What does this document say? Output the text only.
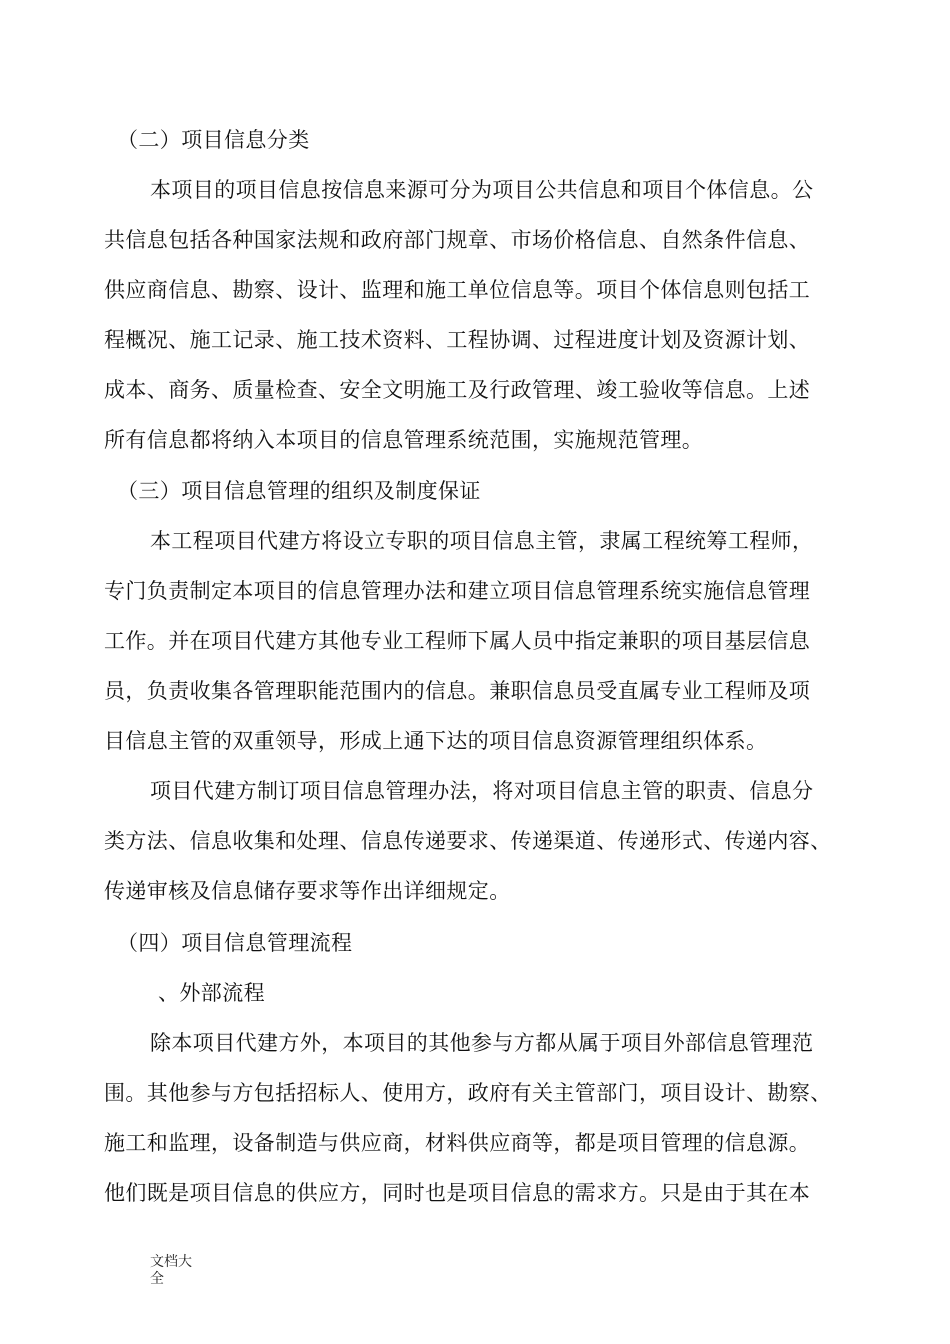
（二）项目信息分类
本项目的项目信息按信息来源可分为项目公共信息和项目个体信息。公
共信息包括各种国家法规和政府部门规章、市场价格信息、自然条件信息、
供应商信息、勘察、设计、监理和施工单位信息等。项目个体信息则包括工
程概况、施工记录、施工技术资料、工程协调、过程进度计划及资源计划、
成本、商务、质量检查、安全文明施工及行政管理、竣工验收等信息。上述
所有信息都将纳入本项目的信息管理系统范围，实施规范管理。
（三）项目信息管理的组织及制度保证
本工程项目代建方将设立专职的项目信息主管，隶属工程统筹工程师，
专门负责制定本项目的信息管理办法和建立项目信息管理系统实施信息管理
工作。并在项目代建方其他专业工程师下属人员中指定兼职的项目基层信息
员，负责收集各管理职能范围内的信息。兼职信息员受直属专业工程师及项
目信息主管的双重领导，形成上通下达的项目信息资源管理组织体系。
项目代建方制订项目信息管理办法，将对项目信息主管的职责、信息分
类方法、信息收集和处理、信息传递要求、传递渠道、传递形式、传递内容、
传递审核及信息储存要求等作出详细规定。
（四）项目信息管理流程
、外部流程
除本项目代建方外，本项目的其他参与方都从属于项目外部信息管理范
围。其他参与方包括招标人、使用方，政府有关主管部门，项目设计、勘察、
施工和监理，设备制造与供应商，材料供应商等，都是项目管理的信息源。
他们既是项目信息的供应方，同时也是项目信息的需求方。只是由于其在本
文档大
全
